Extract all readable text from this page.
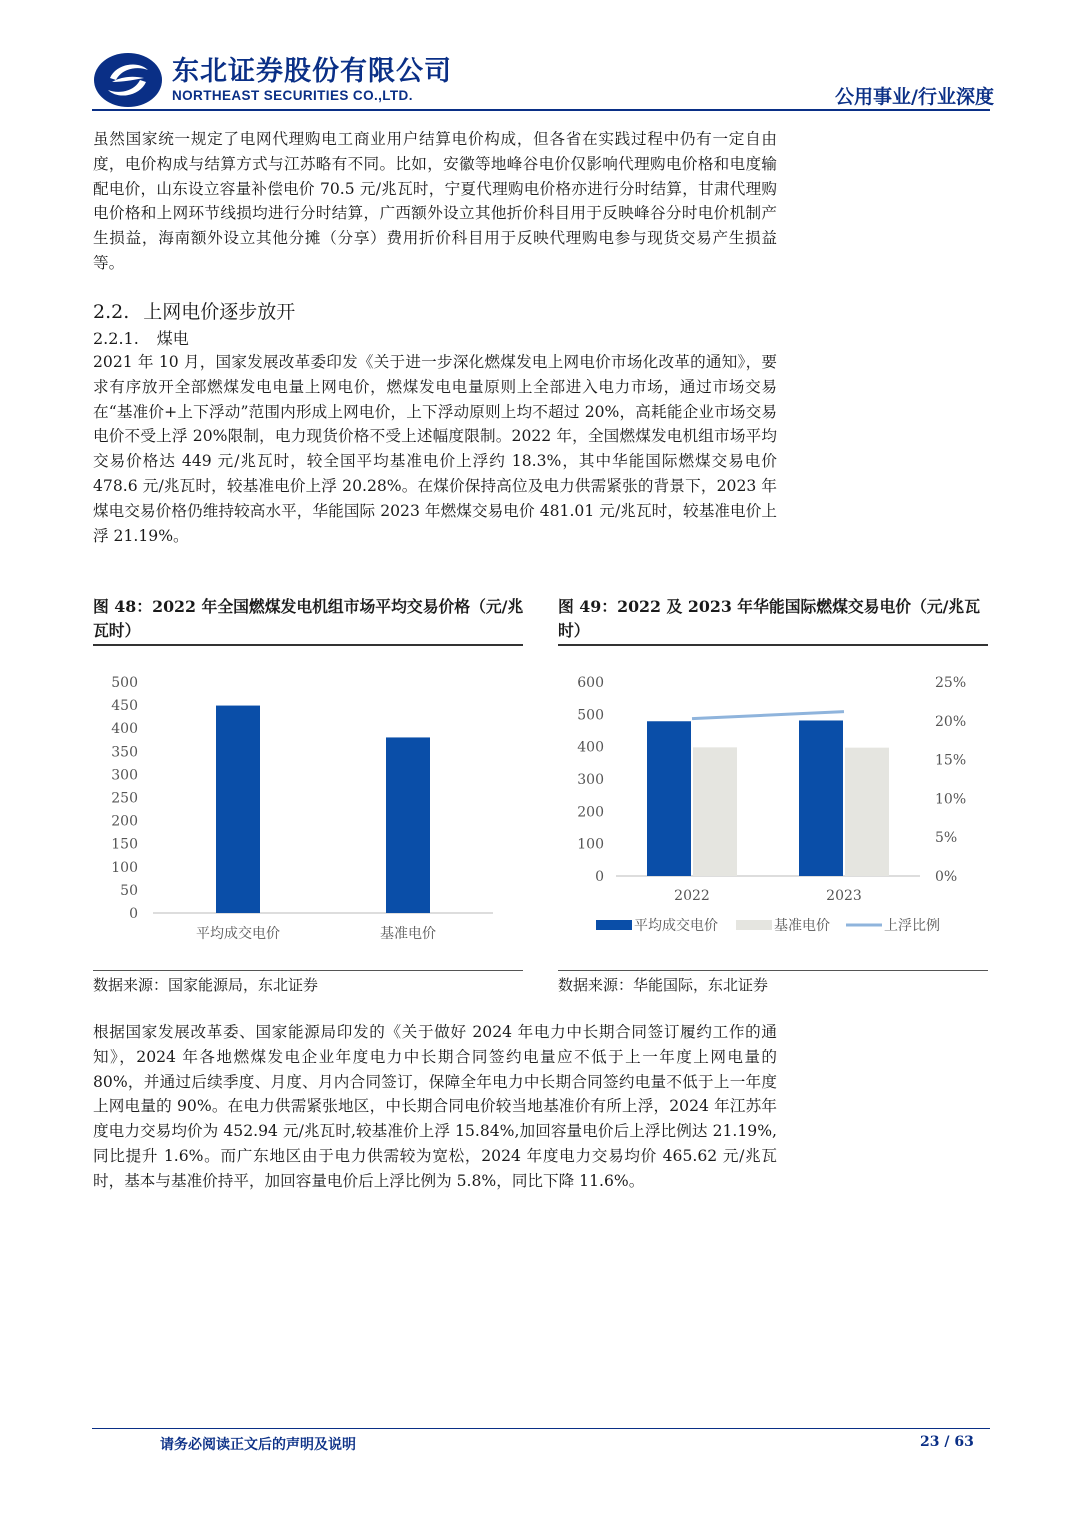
东北证券股份有限公司
NORTHEAST SECURITIES CO.,LTD.	公用事业/行业深度
虽然国家统一规定了电网代理购电工商业用户结算电价构成，但各省在实践过程中仍有一定自由度，电价构成与结算方式与江苏略有不同。比如，安徽等地峰谷电价仅影响代理购电价格和电度输配电价，山东设立容量补偿电价 70.5 元/兆瓦时，宁夏代理购电价格亦进行分时结算，甘肃代理购电价格和上网环节线损均进行分时结算，广西额外设立其他折价科目用于反映峰谷分时电价机制产生损益，海南额外设立其他分摊（分享）费用折价科目用于反映代理购电参与现货交易产生损益等。
2.2. 上网电价逐步放开
2.2.1. 煤电
2021 年 10 月，国家发展改革委印发《关于进一步深化燃煤发电上网电价市场化改革的通知》，要求有序放开全部燃煤发电电量上网电价，燃煤发电电量原则上全部进入电力市场，通过市场交易在“基准价+上下浮动”范围内形成上网电价，上下浮动原则上均不超过 20%，高耗能企业市场交易电价不受上浮 20%限制，电力现货价格不受上述幅度限制。2022 年，全国燃煤发电机组市场平均交易价格达 449 元/兆瓦时，较全国平均基准电价上浮约 18.3%，其中华能国际燃煤交易电价 478.6 元/兆瓦时，较基准电价上浮 20.28%。在煤价保持高位及电力供需紧张的背景下，2023 年煤电交易价格仍维持较高水平，华能国际 2023 年燃煤交易电价 481.01 元/兆瓦时，较基准电价上浮 21.19%。
图 48：2022 年全国燃煤发电机组市场平均交易价格（元/兆瓦时）
0
50
100
150
200
250
300
350
400
450
500
平均成交电价	基准电价
数据来源：国家能源局，东北证券
图 49：2022 及 2023 年华能国际燃煤交易电价（元/兆瓦时）
0
100
200
300
400
500
600
0%
5%
10%
15%
20%
25%
2022	2023
平均成交电价	基准电价	上浮比例
数据来源：华能国际，东北证券
根据国家发展改革委、国家能源局印发的《关于做好 2024 年电力中长期合同签订履约工作的通知》，2024 年各地燃煤发电企业年度电力中长期合同签约电量应不低于上一年度上网电量的 80%，并通过后续季度、月度、月内合同签订，保障全年电力中长期合同签约电量不低于上一年度上网电量的 90%。在电力供需紧张地区，中长期合同电价较当地基准价有所上浮，2024 年江苏年度电力交易均价为 452.94 元/兆瓦时,较基准价上浮 15.84%,加回容量电价后上浮比例达 21.19%,同比提升 1.6%。而广东地区由于电力供需较为宽松，2024 年度电力交易均价 465.62 元/兆瓦时，基本与基准价持平，加回容量电价后上浮比例为 5.8%，同比下降 11.6%。
请务必阅读正文后的声明及说明	23 / 63
